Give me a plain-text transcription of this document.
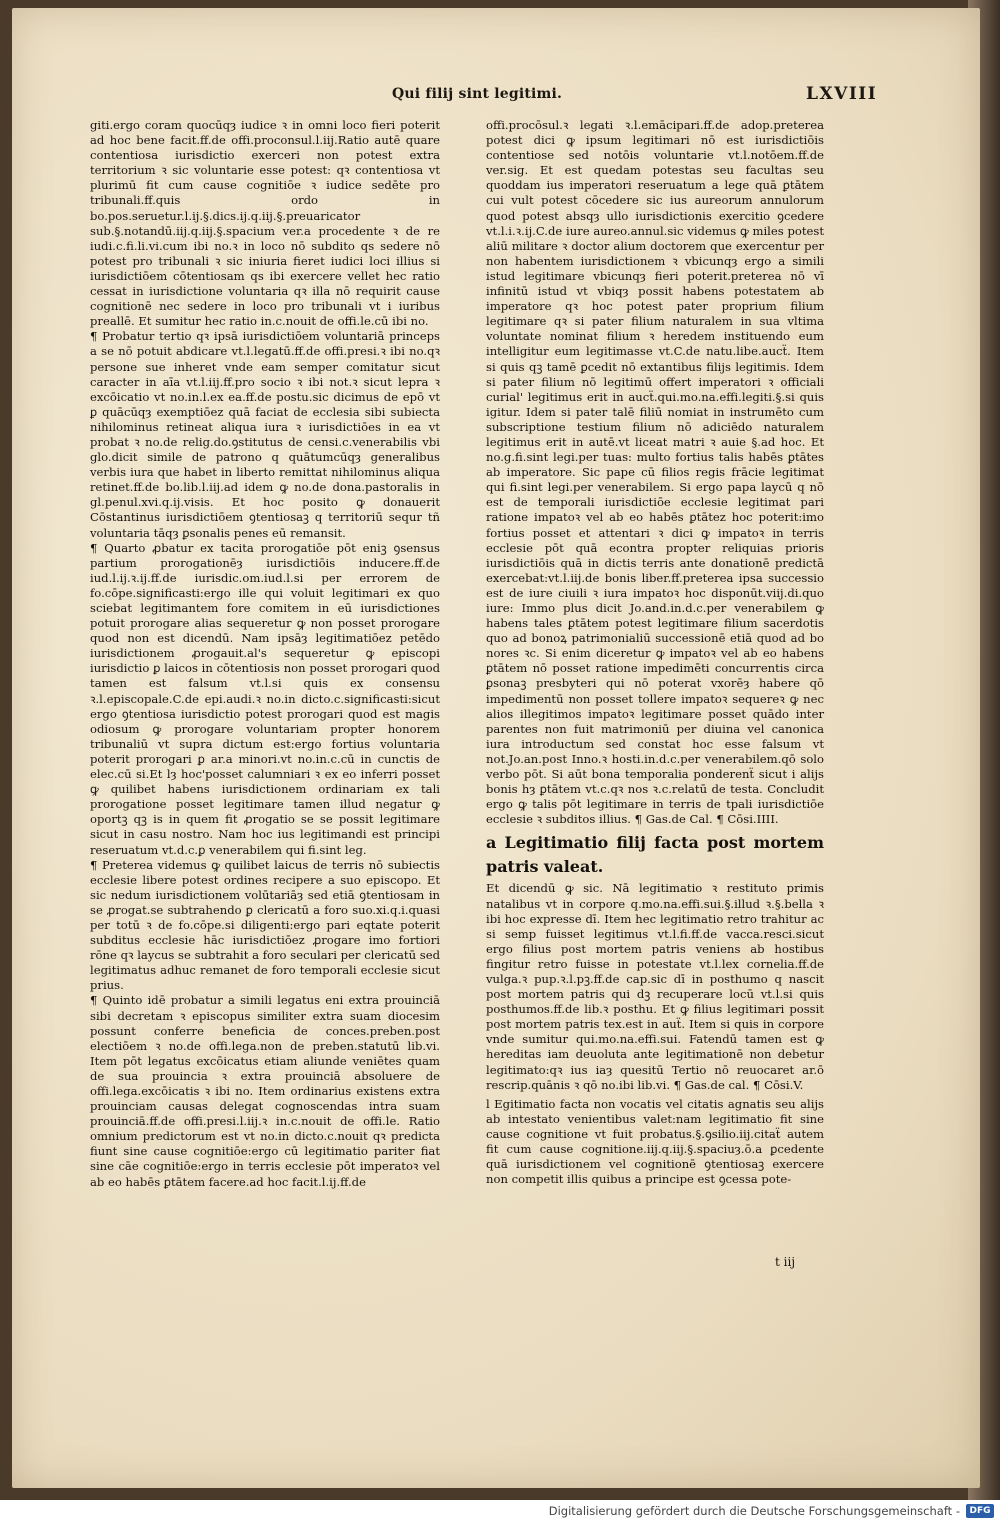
Qui filij sint legitimi.	LXVIII

giti.ergo coram quocūqȝ iudice ꝛ in omni loco fieri poterit ad hoc bene facit.ff.de offi.proconsul.l.iij.Ratio autē quare contentiosa iurisdictio exerceri non potest extra territorium ꝛ sic voluntarie esse potest: qꝛ contentiosa vt plurimū fit cum cause cognitiōe ꝛ iudice sedēte pro tribunali.ff.quis ordo in bo.pos.seruetur.l.ij.§.dics.ij.q.iij.§.preuaricator sub.§.notandū.iij.q.iij.§.spacium ver.a procedente ꝛ de re iudi.c.fi.li.vi.cum ibi no.ꝛ in loco nō subdito qs sedere nō potest pro tribunali ꝛ sic iniuria fieret iudici loci illius si iurisdictiōem cōtentiosam qs ibi exercere vellet hec ratio cessat in iurisdictione voluntaria qꝛ illa nō requirit cause cognitionē nec sedere in loco pro tribunali vt i iuribus preallē. Et sumitur hec ratio in.c.nouit de offi.le.cū ibi no.

¶ Probatur tertio qꝛ ipsā iurisdictiōem voluntariā princeps a se nō potuit abdicare vt.l.legatū.ff.de offi.presi.ꝛ ibi no.qꝛ persone sue inheret vnde eam semper comitatur sicut caracter in aīa vt.l.iij.ff.pro socio ꝛ ibi not.ꝛ sicut lepra ꝛ excōicatio vt no.in.l.ex ea.ff.de postu.sic dicimus de epō vt ꝑ quācūqȝ exemptiōez quā faciat de ecclesia sibi subiecta nihilominus retineat aliqua iura ꝛ iurisdictiōes in ea vt probat ꝛ no.de relig.do.ꝯstitutus de censi.c.venerabilis vbi glo.dicit simile de patrono q quātumcūqȝ generalibus verbis iura que habet in liberto remittat nihilominus aliqua retinet.ff.de bo.lib.l.iij.ad idem ꝙ no.de dona.pastoralis in gl.penul.xvi.q.ij.visis. Et hoc posito ꝙ donauerit Cōstantinus iurisdictiōem ꝯtentiosaꝫ q territoriū sequr tñ voluntaria tāqȝ ꝑsonalis penes eū remansit.

¶ Quarto ꝓbatur ex tacita prorogatiōe pōt eniꝫ ꝯsensus partium prorogationēȝ iurisdictiōis inducere.ff.de iud.l.ij.ꝛ.ij.ff.de iurisdic.om.iud.l.si per errorem de fo.cōpe.significasti:ergo ille qui voluit legitimari ex quo sciebat legitimantem fore comitem in eū iurisdictiones potuit prorogare alias sequeretur ꝙ non posset prorogare quod non est dicendū. Nam ipsāȝ legitimatiōez petēdo iurisdictionem ꝓrogauit.al's sequeretur ꝙ episcopi iurisdictio ꝑ laicos in cōtentiosis non posset prorogari quod tamen est falsum vt.l.si quis ex consensu ꝛ.l.episcopale.C.de epi.audi.ꝛ no.in dicto.c.significasti:sicut ergo ꝯtentiosa iurisdictio potest prorogari quod est magis odiosum ꝙ prorogare voluntariam propter honorem tribunaliū vt supra dictum est:ergo fortius voluntaria poterit prorogari ꝑ ar.a minori.vt no.in.c.cū in cunctis de elec.cū si.Et lȝ hoc'posset calumniari ꝛ ex eo inferri posset ꝙ quilibet habens iurisdictionem ordinariam ex tali prorogatione posset legitimare tamen illud negatur ꝙ oportꝫ qꝫ is in quem fit ꝓrogatio se se possit legitimare sicut in casu nostro. Nam hoc ius legitimandi est principi reseruatum vt.d.c.ꝑ venerabilem qui fi.sint leg.

¶ Preterea videmus ꝙ quilibet laicus de terris nō subiectis ecclesie libere potest ordines recipere a suo episcopo. Et sic nedum iurisdictionem volūtariāȝ sed etiā ꝯtentiosam in se ꝓrogat.se subtrahendo ꝑ clericatū a foro suo.xi.q.i.quasi per totū ꝛ de fo.cōpe.si diligenti:ergo pari eqtate poterit subditus ecclesie hāc iurisdictiōez ꝓrogare imo fortiori rōne qꝛ laycus se subtrahit a foro seculari per clericatū sed legitimatus adhuc remanet de foro temporali ecclesie sicut prius.

¶ Quinto idē probatur a simili legatus eni extra prouinciā sibi decretam ꝛ episcopus similiter extra suam diocesim possunt conferre beneficia de conces.preben.post electiōem ꝛ no.de offi.lega.non de preben.statutū lib.vi. Item pōt legatus excōicatus etiam aliunde veniētes quam de sua prouincia ꝛ extra prouinciā absoluere de offi.lega.excōicatis ꝛ ibi no. Item ordinarius existens extra prouinciam causas delegat cognoscendas intra suam prouinciā.ff.de offi.presi.l.iij.ꝛ in.c.nouit de offi.le. Ratio omnium predictorum est vt no.in dicto.c.nouit qꝛ predicta fiunt sine cause cognitiōe:ergo cū legitimatio pariter fiat sine cāe cognitiōe:ergo in terris ecclesie pōt imperatoꝛ vel ab eo habēs ꝑtātem facere.ad hoc facit.l.ij.ff.de

offi.procōsul.ꝛ legati ꝛ.l.emācipari.ff.de adop.preterea potest dici ꝙ ipsum legitimari nō est iurisdictiōis contentiose sed notōis voluntarie vt.l.notōem.ff.de ver.sig. Et est quedam potestas seu facultas seu quoddam ius imperatori reseruatum a lege quā ꝑtātem cui vult potest cōcedere sic ius aureorum annulorum quod potest absqȝ ullo iurisdictionis exercitio ꝯcedere vt.l.i.ꝛ.ij.C.de iure aureo.annul.sic videmus ꝙ miles potest aliū militare ꝛ doctor alium doctorem que exercentur per non habentem iurisdictionem ꝛ vbicunqȝ ergo a simili istud legitimare vbicunqȝ fieri poterit.preterea nō vī infinitū istud vt vbiqȝ possit habens potestatem ab imperatore qꝛ hoc potest pater proprium filium legitimare qꝛ si pater filium naturalem in sua vltima voluntate nominat filium ꝛ heredem instituendo eum intelligitur eum legitimasse vt.C.de natu.libe.aucẗ. Item si quis qꝫ tamē ꝑcedit nō extantibus filijs legitimis. Idem si pater filium nō legitimū offert imperatori ꝛ officiali curial' legitimus erit in aucẗ.qui.mo.na.effi.legiti.§.si quis igitur. Idem si pater talē filiū nomiat in instrumēto cum subscriptione testium filium nō adiciēdo naturalem legitimus erit in autē.vt liceat matri ꝛ auie §.ad hoc. Et no.g.fi.sint legi.per tuas: multo fortius talis habēs ꝑtātes ab imperatore. Sic pape cū filios regis frācie legitimat qui fi.sint legi.per venerabilem. Si ergo papa laycū q nō est de temporali iurisdictiōe ecclesie legitimat pari ratione impatoꝛ vel ab eo habēs ꝑtātez hoc poterit:imo fortius posset et attentari ꝛ dici ꝙ impatoꝛ in terris ecclesie pōt quā econtra propter reliquias prioris iurisdictiōis quā in dictis terris ante donationē predictā exercebat:vt.l.iij.de bonis liber.ff.preterea ipsa successio est de iure ciuili ꝛ iura impatoꝛ hoc disponūt.viij.di.quo iure: Immo plus dicit Jo.and.in.d.c.per venerabilem ꝙ habens tales ꝑtātem potest legitimare filium sacerdotis quo ad bonoꝝ patrimonialiū successionē etiā quod ad bo nores ꝛc. Si enim diceretur ꝙ impatoꝛ vel ab eo habens ꝑtātem nō posset ratione impedimēti concurrentis circa ꝑsonaꝫ presbyteri qui nō poterat vxorēȝ habere qō impedimentū non posset tollere impatoꝛ sequereꝛ ꝙ nec alios illegitimos impatoꝛ legitimare posset quādo inter parentes non fuit matrimoniū per diuina vel canonica iura introductum sed constat hoc esse falsum vt not.Jo.an.post Inno.ꝛ hosti.in.d.c.per venerabilem.qō solo verbo pōt. Si aūt bona temporalia ponderenẗ sicut i alijs bonis hȝ ꝑtātem vt.c.qꝛ nos ꝛ.c.relatū de testa. Concludit ergo ꝙ talis pōt legitimare in terris de tpali iurisdictiōe ecclesie ꝛ subditos illius. ¶ Gas.de Cal. ¶ Cōsi.IIII.

a Legitimatio filij facta post mortem patris valeat.

Et dicendū ꝙ sic. Nā legitimatio ꝛ restituto primis natalibus vt in corpore q.mo.na.effi.sui.§.illud ꝛ.§.bella ꝛ ibi hoc expresse dī. Item hec legitimatio retro trahitur ac si semp fuisset legitimus vt.l.fi.ff.de vacca.resci.sicut ergo filius post mortem patris veniens ab hostibus fingitur retro fuisse in potestate vt.l.lex cornelia.ff.de vulga.ꝛ pup.ꝛ.l.pꝫ.ff.de cap.sic dī in posthumo q nascit post mortem patris qui dꝫ recuperare locū vt.l.si quis posthumos.ff.de lib.ꝛ posthu. Et ꝙ filius legitimari possit post mortem patris tex.est in auẗ. Item si quis in corpore vnde sumitur qui.mo.na.effi.sui. Fatendū tamen est ꝙ hereditas iam deuoluta ante legitimationē non debetur legitimato:qꝛ ius iaȝ quesitū Tertio nō reuocaret ar.ō rescrip.quānis ꝛ qō no.ibi lib.vi. ¶ Gas.de cal. ¶ Cōsi.V.

l Egitimatio facta non vocatis vel citatis agnatis seu alijs ab intestato venientibus valet:nam legitimatio fit sine cause cognitione vt fuit probatus.§.ꝯsilio.iij.citaẗ autem fit cum cause cognitione.iij.q.iij.§.spaciuȝ.ō.a ꝑcedente quā iurisdictionem vel cognitionē ꝯtentiosaꝫ exercere non competit illis quibus a principe est ꝯcessa pote-

t iij
Digitalisierung gefördert durch die Deutsche Forschungsgemeinschaft -	DFG
